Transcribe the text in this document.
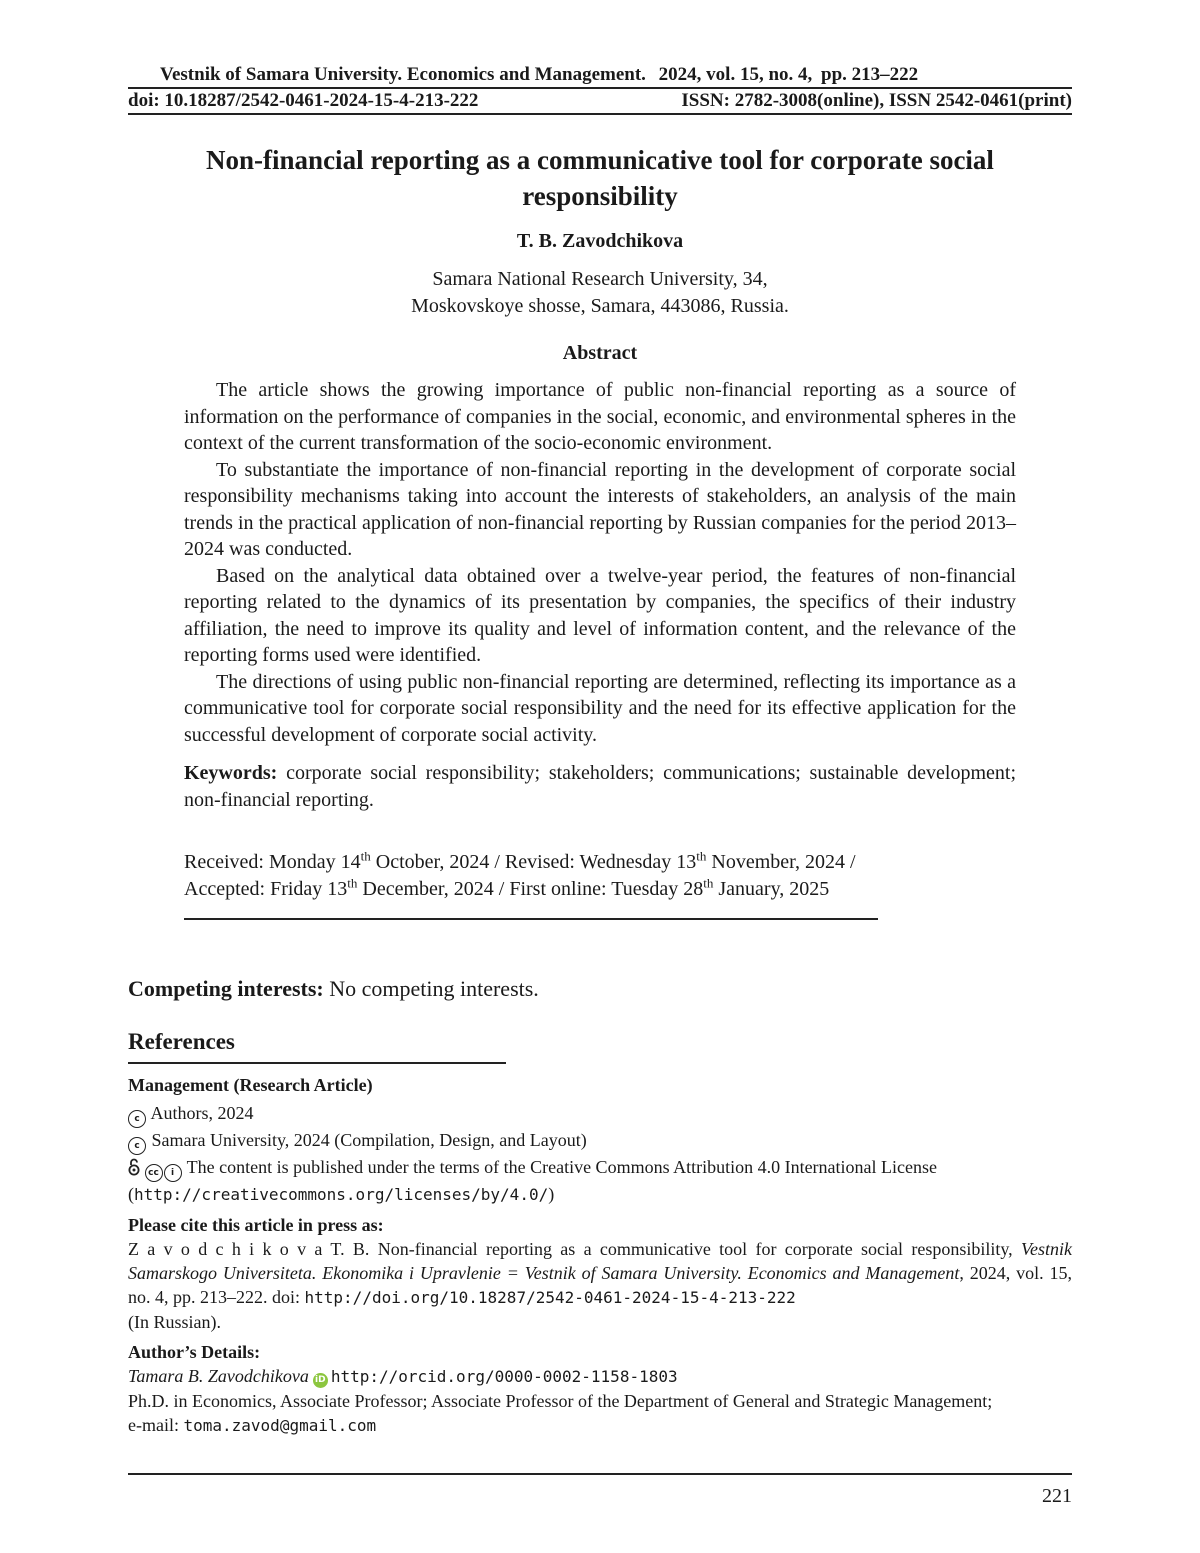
Vestnik of Samara University. Economics and Management. 2024, vol. 15, no. 4, pp. 213–222
doi: 10.18287/2542-0461-2024-15-4-213-222	ISSN: 2782-3008(online), ISSN 2542-0461(print)
Non-financial reporting as a communicative tool for corporate social
responsibility
T. B. Zavodchikova
Samara National Research University, 34,
Moskovskoye shosse, Samara, 443086, Russia.
Abstract

The article shows the growing importance of public non-financial reporting as a source of information on the performance of companies in the social, economic, and environmental spheres in the context of the current transformation of the socio-economic environment.

To substantiate the importance of non-financial reporting in the development of corporate social responsibility mechanisms taking into account the interests of stakeholders, an analysis of the main trends in the practical application of non-financial reporting by Russian companies for the period 2013–2024 was conducted.

Based on the analytical data obtained over a twelve-year period, the features of non-financial reporting related to the dynamics of its presentation by companies, the specifics of their industry affiliation, the need to improve its quality and level of information content, and the relevance of the reporting forms used were identified.

The directions of using public non-financial reporting are determined, reflecting its importance as a communicative tool for corporate social responsibility and the need for its effective application for the successful development of corporate social activity.

Keywords: corporate social responsibility; stakeholders; communications; sustainable development; non-financial reporting.
Received: Monday 14th October, 2024 / Revised: Wednesday 13th November, 2024 /
Accepted: Friday 13th December, 2024 / First online: Tuesday 28th January, 2025
Competing interests: No competing interests.
References
Management (Research Article)
c Authors, 2024
c Samara University, 2024 (Compilation, Design, and Layout)
cc i The content is published under the terms of the Creative Commons Attribution 4.0 International License
(http://creativecommons.org/licenses/by/4.0/)
Please cite this article in press as:
Z a v o d c h i k o v a T. B. Non-financial reporting as a communicative tool for corporate social responsibility, Vestnik Samarskogo Universiteta. Ekonomika i Upravlenie = Vestnik of Samara University. Economics and Management, 2024, vol. 15, no. 4, pp. 213–222. doi: http://doi.org/10.18287/2542-0461-2024-15-4-213-222
(In Russian).
Author’s Details:
Tamara B. Zavodchikova iD http://orcid.org/0000-0002-1158-1803
Ph.D. in Economics, Associate Professor; Associate Professor of the Department of General and Strategic Management;
e-mail: toma.zavod@gmail.com
221
